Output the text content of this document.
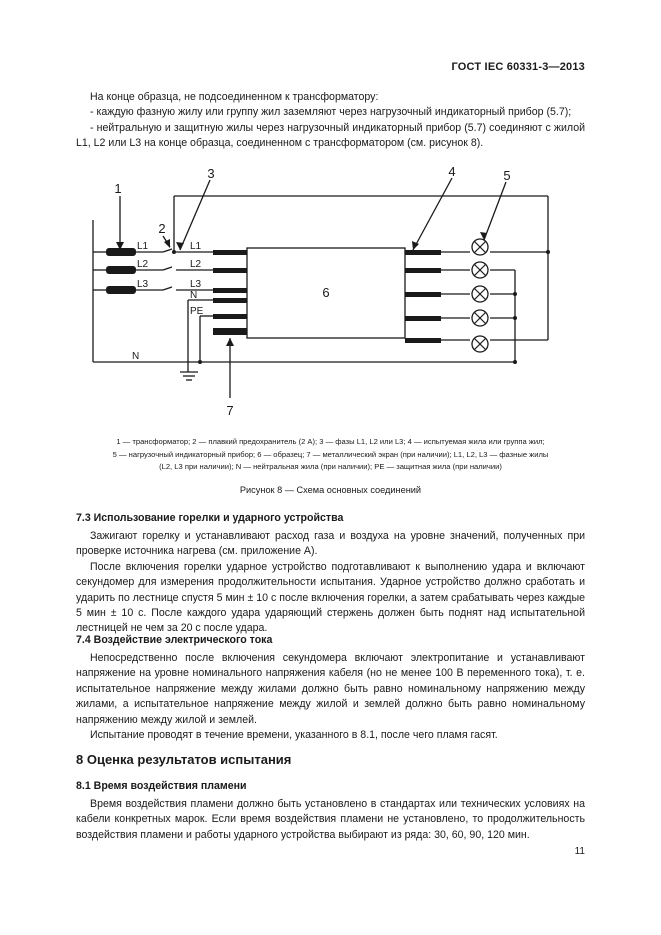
ГОСТ IEC 60331-3—2013

На конце образца, не подсоединенном к трансформатору:

- каждую фазную жилу или группу жил заземляют через нагрузочный индикаторный прибор (5.7);

- нейтральную и защитную жилы через нагрузочный индикаторный прибор (5.7) соединяют с жилой L1, L2 или L3 на конце образца, соединенном с трансформатором (см. рисунок 8).

1
2
3	4	5
6
7
L1
L2
L3
L1
L2
L3
N
PE
N
1 — трансформатор; 2 — плавкий предохранитель (2 А); 3 — фазы L1, L2 или L3; 4 — испытуемая жила или группа жил;
5 — нагрузочный индикаторный прибор; 6 — образец; 7 — металлический экран (при наличии); L1, L2, L3 — фазные жилы
(L2, L3 при наличии); N — нейтральная жила (при наличии); PE — защитная жила (при наличии)
Рисунок 8 — Схема основных соединений
7.3 Использование горелки и ударного устройства

Зажигают горелку и устанавливают расход газа и воздуха на уровне значений, полученных при проверке источника нагрева (см. приложение А).

После включения горелки ударное устройство подготавливают к выполнению удара и включают секундомер для измерения продолжительности испытания. Ударное устройство должно сработать и ударить по лестнице спустя 5 мин ± 10 с после включения горелки, а затем срабатывать через каждые 5 мин ± 10 с. После каждого удара ударяющий стержень должен быть поднят над испытательной лестницей не чем за 20 с после удара.

7.4 Воздействие электрического тока

Непосредственно после включения секундомера включают электропитание и устанавливают напряжение на уровне номинального напряжения кабеля (но не менее 100 В переменного тока), т. е. испытательное напряжение между жилами должно быть равно номинальному напряжению между жилами, а испытательное напряжение между жилой и землей должно быть равно номинальному напряжению между жилой и землей.

Испытание проводят в течение времени, указанного в 8.1, после чего пламя гасят.

8 Оценка результатов испытания
8.1 Время воздействия пламени

Время воздействия пламени должно быть установлено в стандартах или технических условиях на кабели конкретных марок. Если время воздействия пламени не установлено, то продолжительность воздействия пламени и работы ударного устройства выбирают из ряда: 30, 60, 90, 120 мин.

11
